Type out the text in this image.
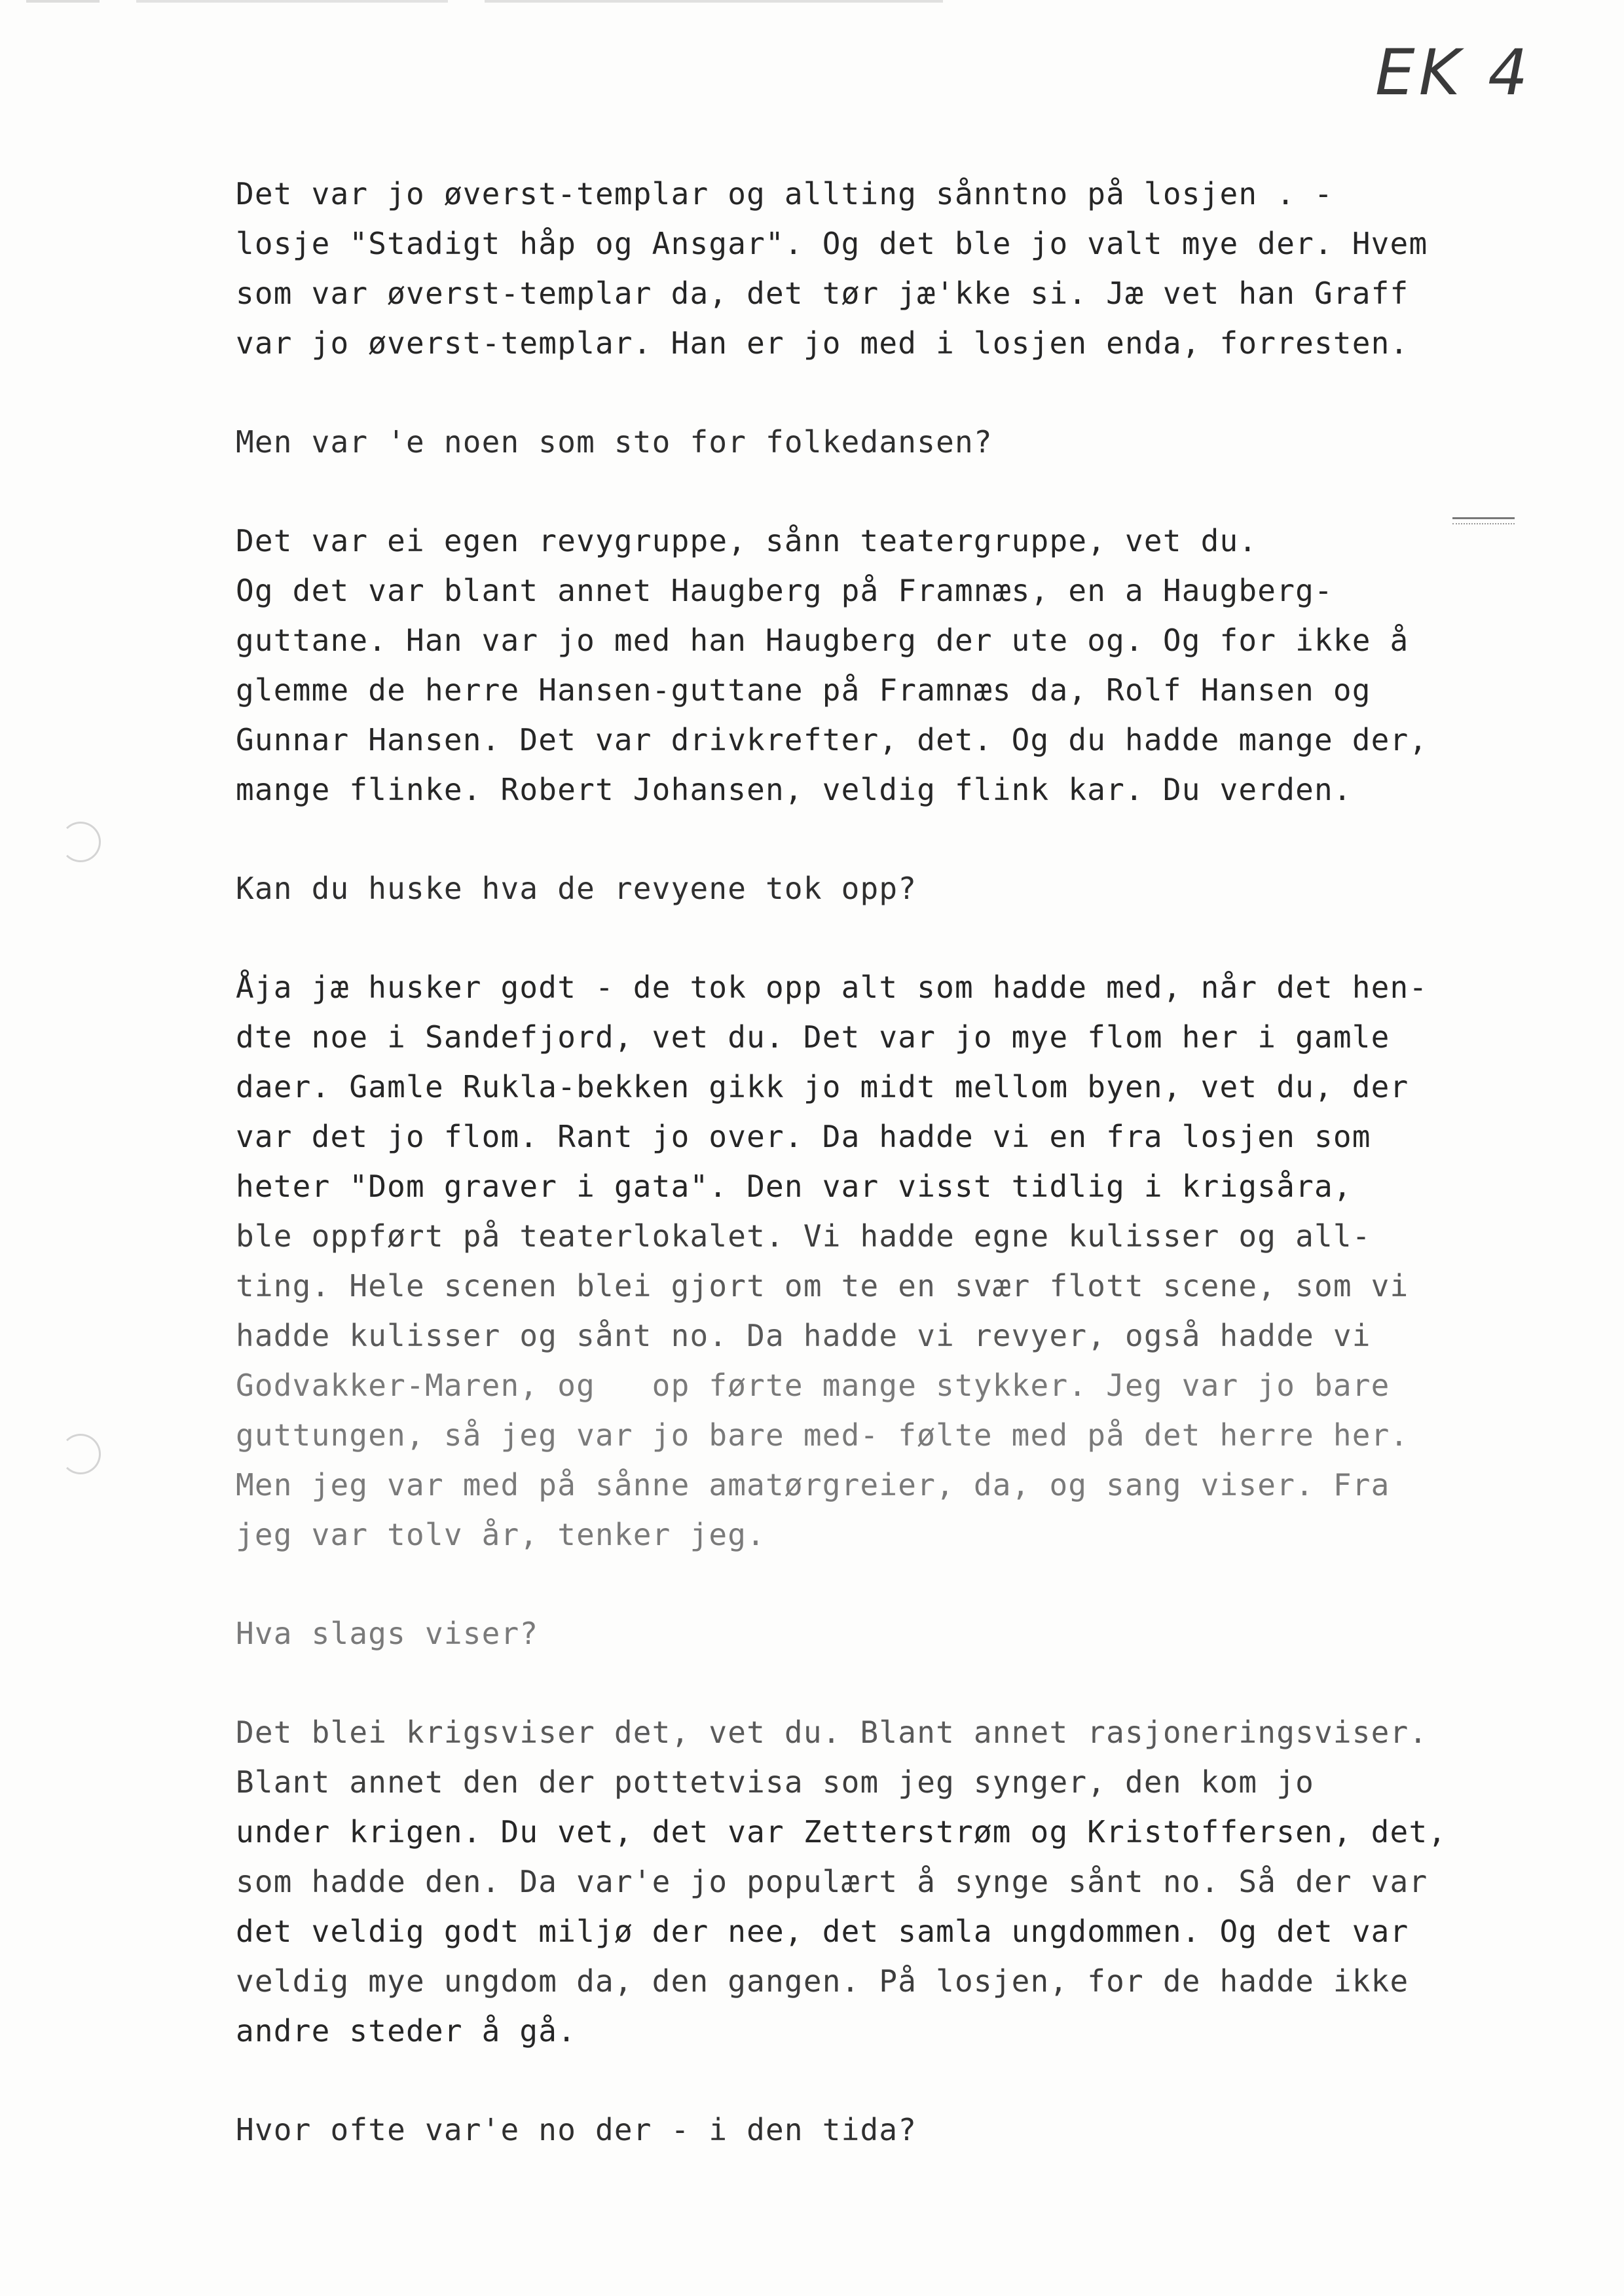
EK 4
Det var jo øverst-templar og allting sånntno på losjen . -
losje "Stadigt håp og Ansgar". Og det ble jo valt mye der. Hvem
som var øverst-templar da, det tør jæ'kke si. Jæ vet han Graff
var jo øverst-templar. Han er jo med i losjen enda, forresten.
Men var 'e noen som sto for folkedansen?
Det var ei egen revygruppe, sånn teatergruppe, vet du.
Og det var blant annet Haugberg på Framnæs, en a Haugberg-
guttane. Han var jo med han Haugberg der ute og. Og for ikke å
glemme de herre Hansen-guttane på Framnæs da, Rolf Hansen og
Gunnar Hansen. Det var drivkrefter, det. Og du hadde mange der,
mange flinke. Robert Johansen, veldig flink kar. Du verden.
Kan du huske hva de revyene tok opp?
Åja jæ husker godt - de tok opp alt som hadde med, når det hen-
dte noe i Sandefjord, vet du. Det var jo mye flom her i gamle
daer. Gamle Rukla-bekken gikk jo midt mellom byen, vet du, der
var det jo flom. Rant jo over. Da hadde vi en fra losjen som
heter "Dom graver i gata". Den var visst tidlig i krigsåra,
ble oppført på teaterlokalet. Vi hadde egne kulisser og all-
ting. Hele scenen blei gjort om te en svær flott scene, som vi
hadde kulisser og sånt no. Da hadde vi revyer, også hadde vi
Godvakker-Maren, og   op førte mange stykker. Jeg var jo bare
guttungen, så jeg var jo bare med- følte med på det herre her.
Men jeg var med på sånne amatørgreier, da, og sang viser. Fra
jeg var tolv år, tenker jeg.
Hva slags viser?
Det blei krigsviser det, vet du. Blant annet rasjoneringsviser.
Blant annet den der pottetvisa som jeg synger, den kom jo
under krigen. Du vet, det var Zetterstrøm og Kristoffersen, det,
som hadde den. Da var'e jo populært å synge sånt no. Så der var
det veldig godt miljø der nee, det samla ungdommen. Og det var
veldig mye ungdom da, den gangen. På losjen, for de hadde ikke
andre steder å gå.
Hvor ofte var'e no der - i den tida?
